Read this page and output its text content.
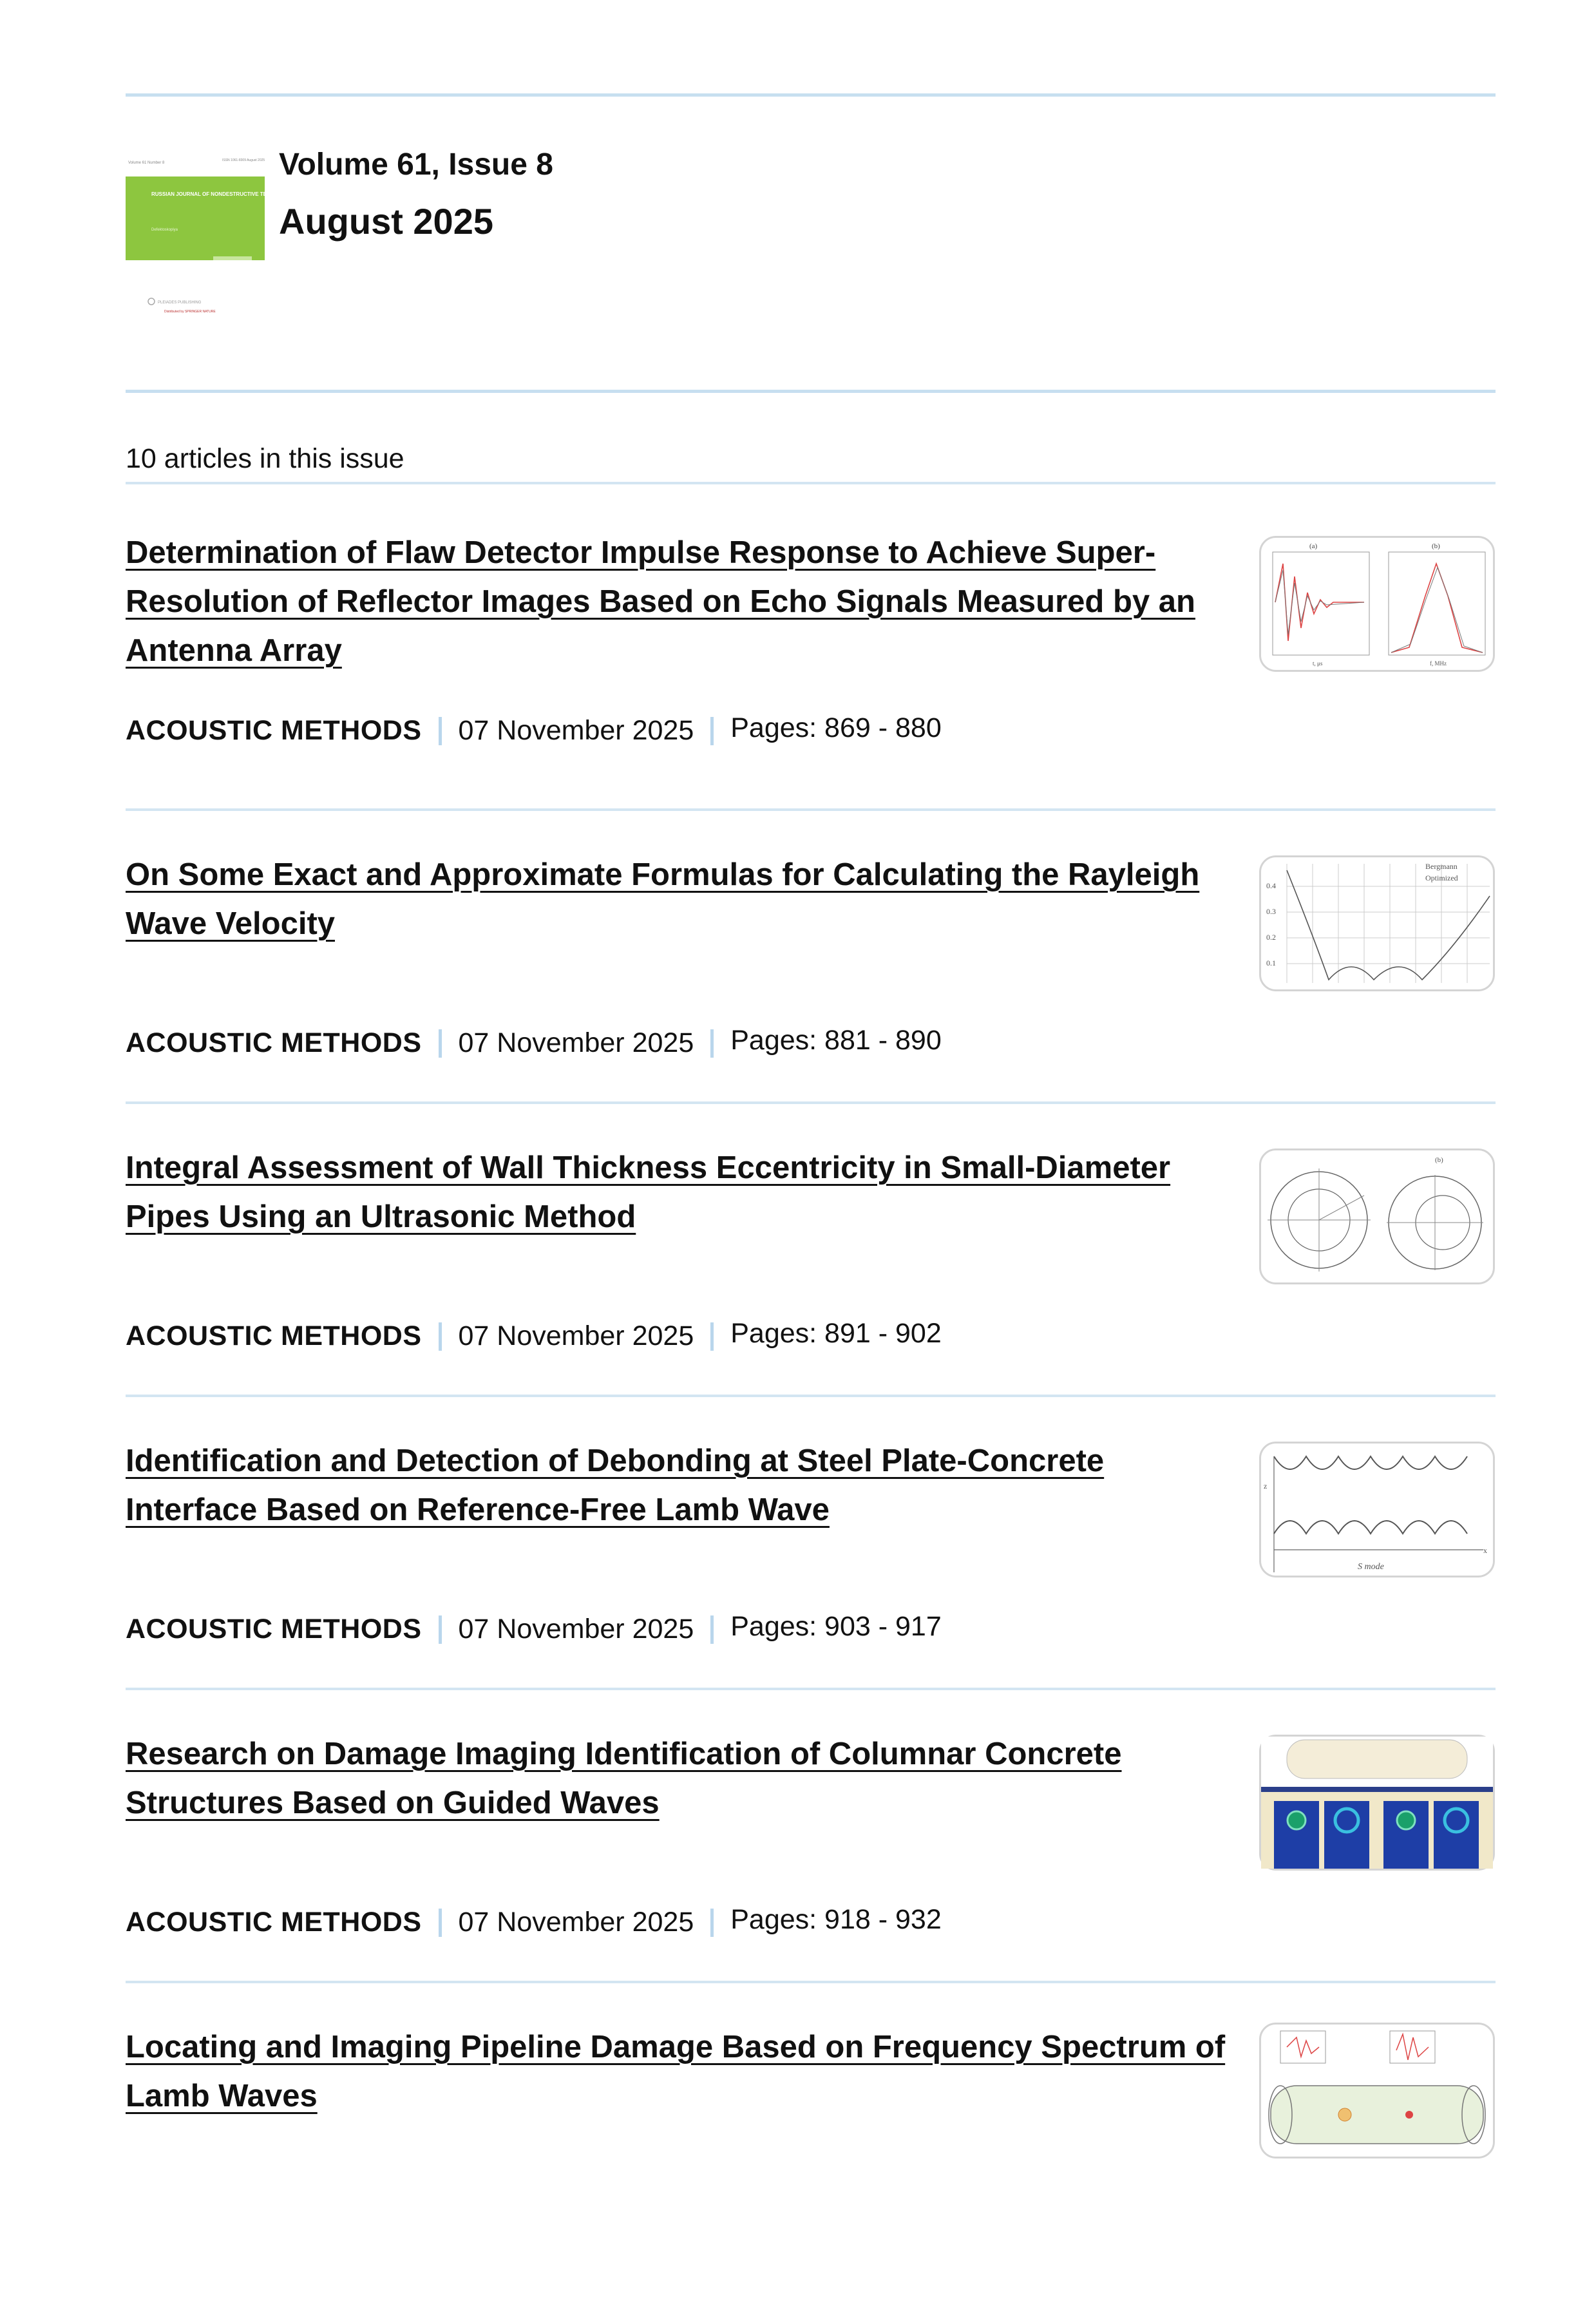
Volume 61 Number 8
ISSN 1061-8309 August 2025
RUSSIAN JOURNAL OF NONDESTRUCTIVE TESTING
Defektoskopiya
PLEIADES PUBLISHING
Distributed by SPRINGER NATURE
Volume 61, Issue 8
August 2025
10 articles in this issue
Determination of Flaw Detector Impulse Response to Achieve Super-Resolution of Reflector Images Based on Echo Signals Measured by an Antenna Array
ACOUSTIC METHODS 07 November 2025 Pages: 869 - 880
(a)	(b)
t, μs	f, MHz
On Some Exact and Approximate Formulas for Calculating the Rayleigh Wave Velocity
ACOUSTIC METHODS 07 November 2025 Pages: 881 - 890
0.4
0.3
0.2
0.1
Bergmann
Optimized
Integral Assessment of Wall Thickness Eccentricity in Small-Diameter Pipes Using an Ultrasonic Method
ACOUSTIC METHODS 07 November 2025 Pages: 891 - 902
(b)
Identification and Detection of Debonding at Steel Plate-Concrete Interface Based on Reference-Free Lamb Wave
ACOUSTIC METHODS 07 November 2025 Pages: 903 - 917
z
x
S mode
Research on Damage Imaging Identification of Columnar Concrete Structures Based on Guided Waves
ACOUSTIC METHODS 07 November 2025 Pages: 918 - 932
Locating and Imaging Pipeline Damage Based on Frequency Spectrum of Lamb Waves
